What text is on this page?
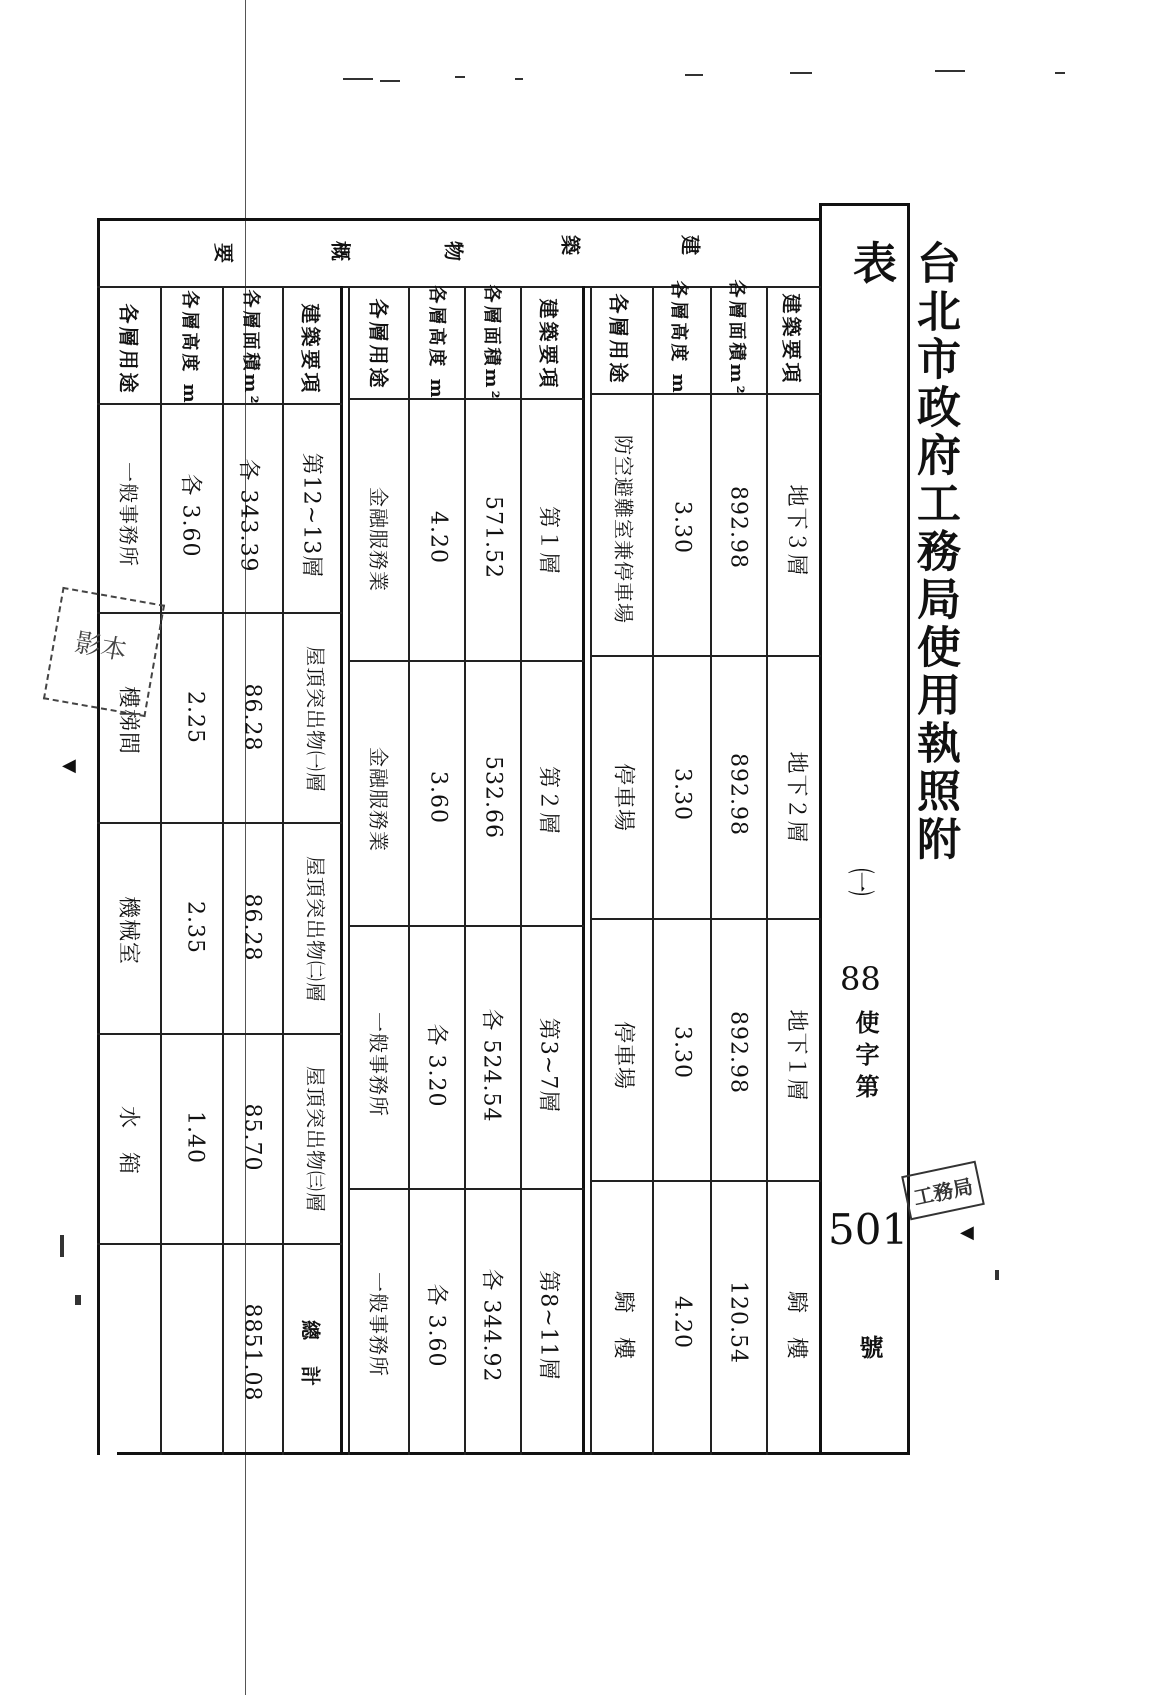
台北市政府工務局使用執照附表
㈠
88
使字第
501
號
建
築
物
概
要
建築要項
各層面積m²
各層高度 m
各層用途
地下３層
892.98
3.30
防空避難室兼停車場
地下２層
892.98
3.30
停車場
地下１層
892.98
3.30
停車場
騎　樓
120.54
4.20
騎　樓
建築要項
各層面積m²
各層高度 m
各層用途
第１層
571.52
4.20
金融服務業
第２層
532.66
3.60
金融服務業
第3~7層
各 524.54
各 3.20
一般事務所
第8~11層
各 344.92
各 3.60
一般事務所
建築要項
各層面積m²
各層高度 m
各層用途
第12~13層
各 343.39
各 3.60
一般事務所
屋頂突出物㈠層
86.28
2.25
樓梯間
屋頂突出物㈡層
86.28
2.35
機械室
屋頂突出物㈢層
85.70
1.40
水　箱
總　計
8851.08
工務局
影本
◀
◀
